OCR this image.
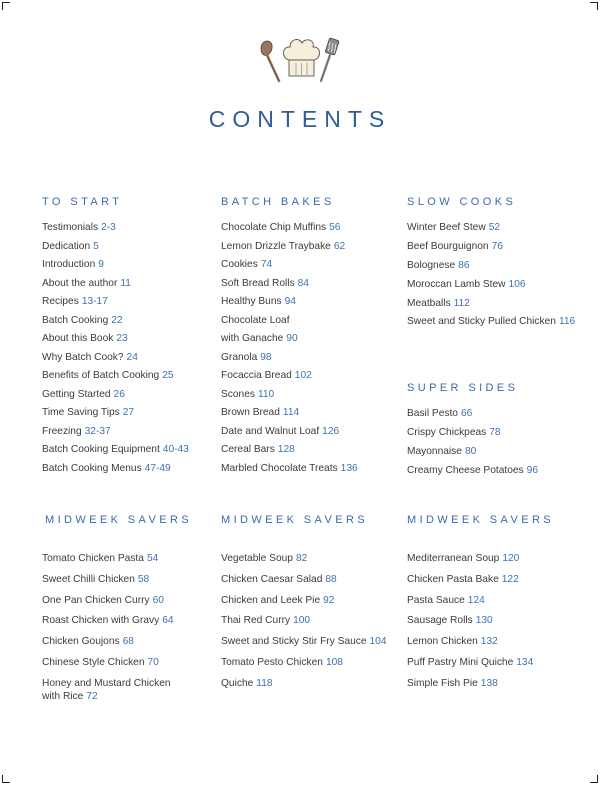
CONTENTS
TO START
Testimonials 2-3
Dedication 5
Introduction 9
About the author 11
Recipes 13-17
Batch Cooking 22
About this Book 23
Why Batch Cook? 24
Benefits of Batch Cooking 25
Getting Started 26
Time Saving Tips 27
Freezing 32-37
Batch Cooking Equipment 40-43
Batch Cooking Menus 47-49
BATCH BAKES
Chocolate Chip Muffins 56
Lemon Drizzle Traybake 62
Cookies 74
Soft Bread Rolls 84
Healthy Buns 94
Chocolate Loaf
with Ganache 90
Granola 98
Focaccia Bread 102
Scones 110
Brown Bread 114
Date and Walnut Loaf 126
Cereal Bars 128
Marbled Chocolate Treats 136
SLOW COOKS
Winter Beef Stew 52
Beef Bourguignon 76
Bolognese 86
Moroccan Lamb Stew 106
Meatballs 112
Sweet and Sticky Pulled Chicken 116
SUPER SIDES
Basil Pesto 66
Crispy Chickpeas 78
Mayonnaise 80
Creamy Cheese Potatoes 96
MIDWEEK SAVERS
Tomato Chicken Pasta 54
Sweet Chilli Chicken 58
One Pan Chicken Curry 60
Roast Chicken with Gravy 64
Chicken Goujons 68
Chinese Style Chicken 70
Honey and Mustard Chicken
with Rice 72
MIDWEEK SAVERS
Vegetable Soup 82
Chicken Caesar Salad 88
Chicken and Leek Pie 92
Thai Red Curry 100
Sweet and Sticky Stir Fry Sauce 104
Tomato Pesto Chicken 108
Quiche 118
MIDWEEK SAVERS
Mediterranean Soup 120
Chicken Pasta Bake 122
Pasta Sauce 124
Sausage Rolls 130
Lemon Chicken 132
Puff Pastry Mini Quiche 134
Simple Fish Pie 138
